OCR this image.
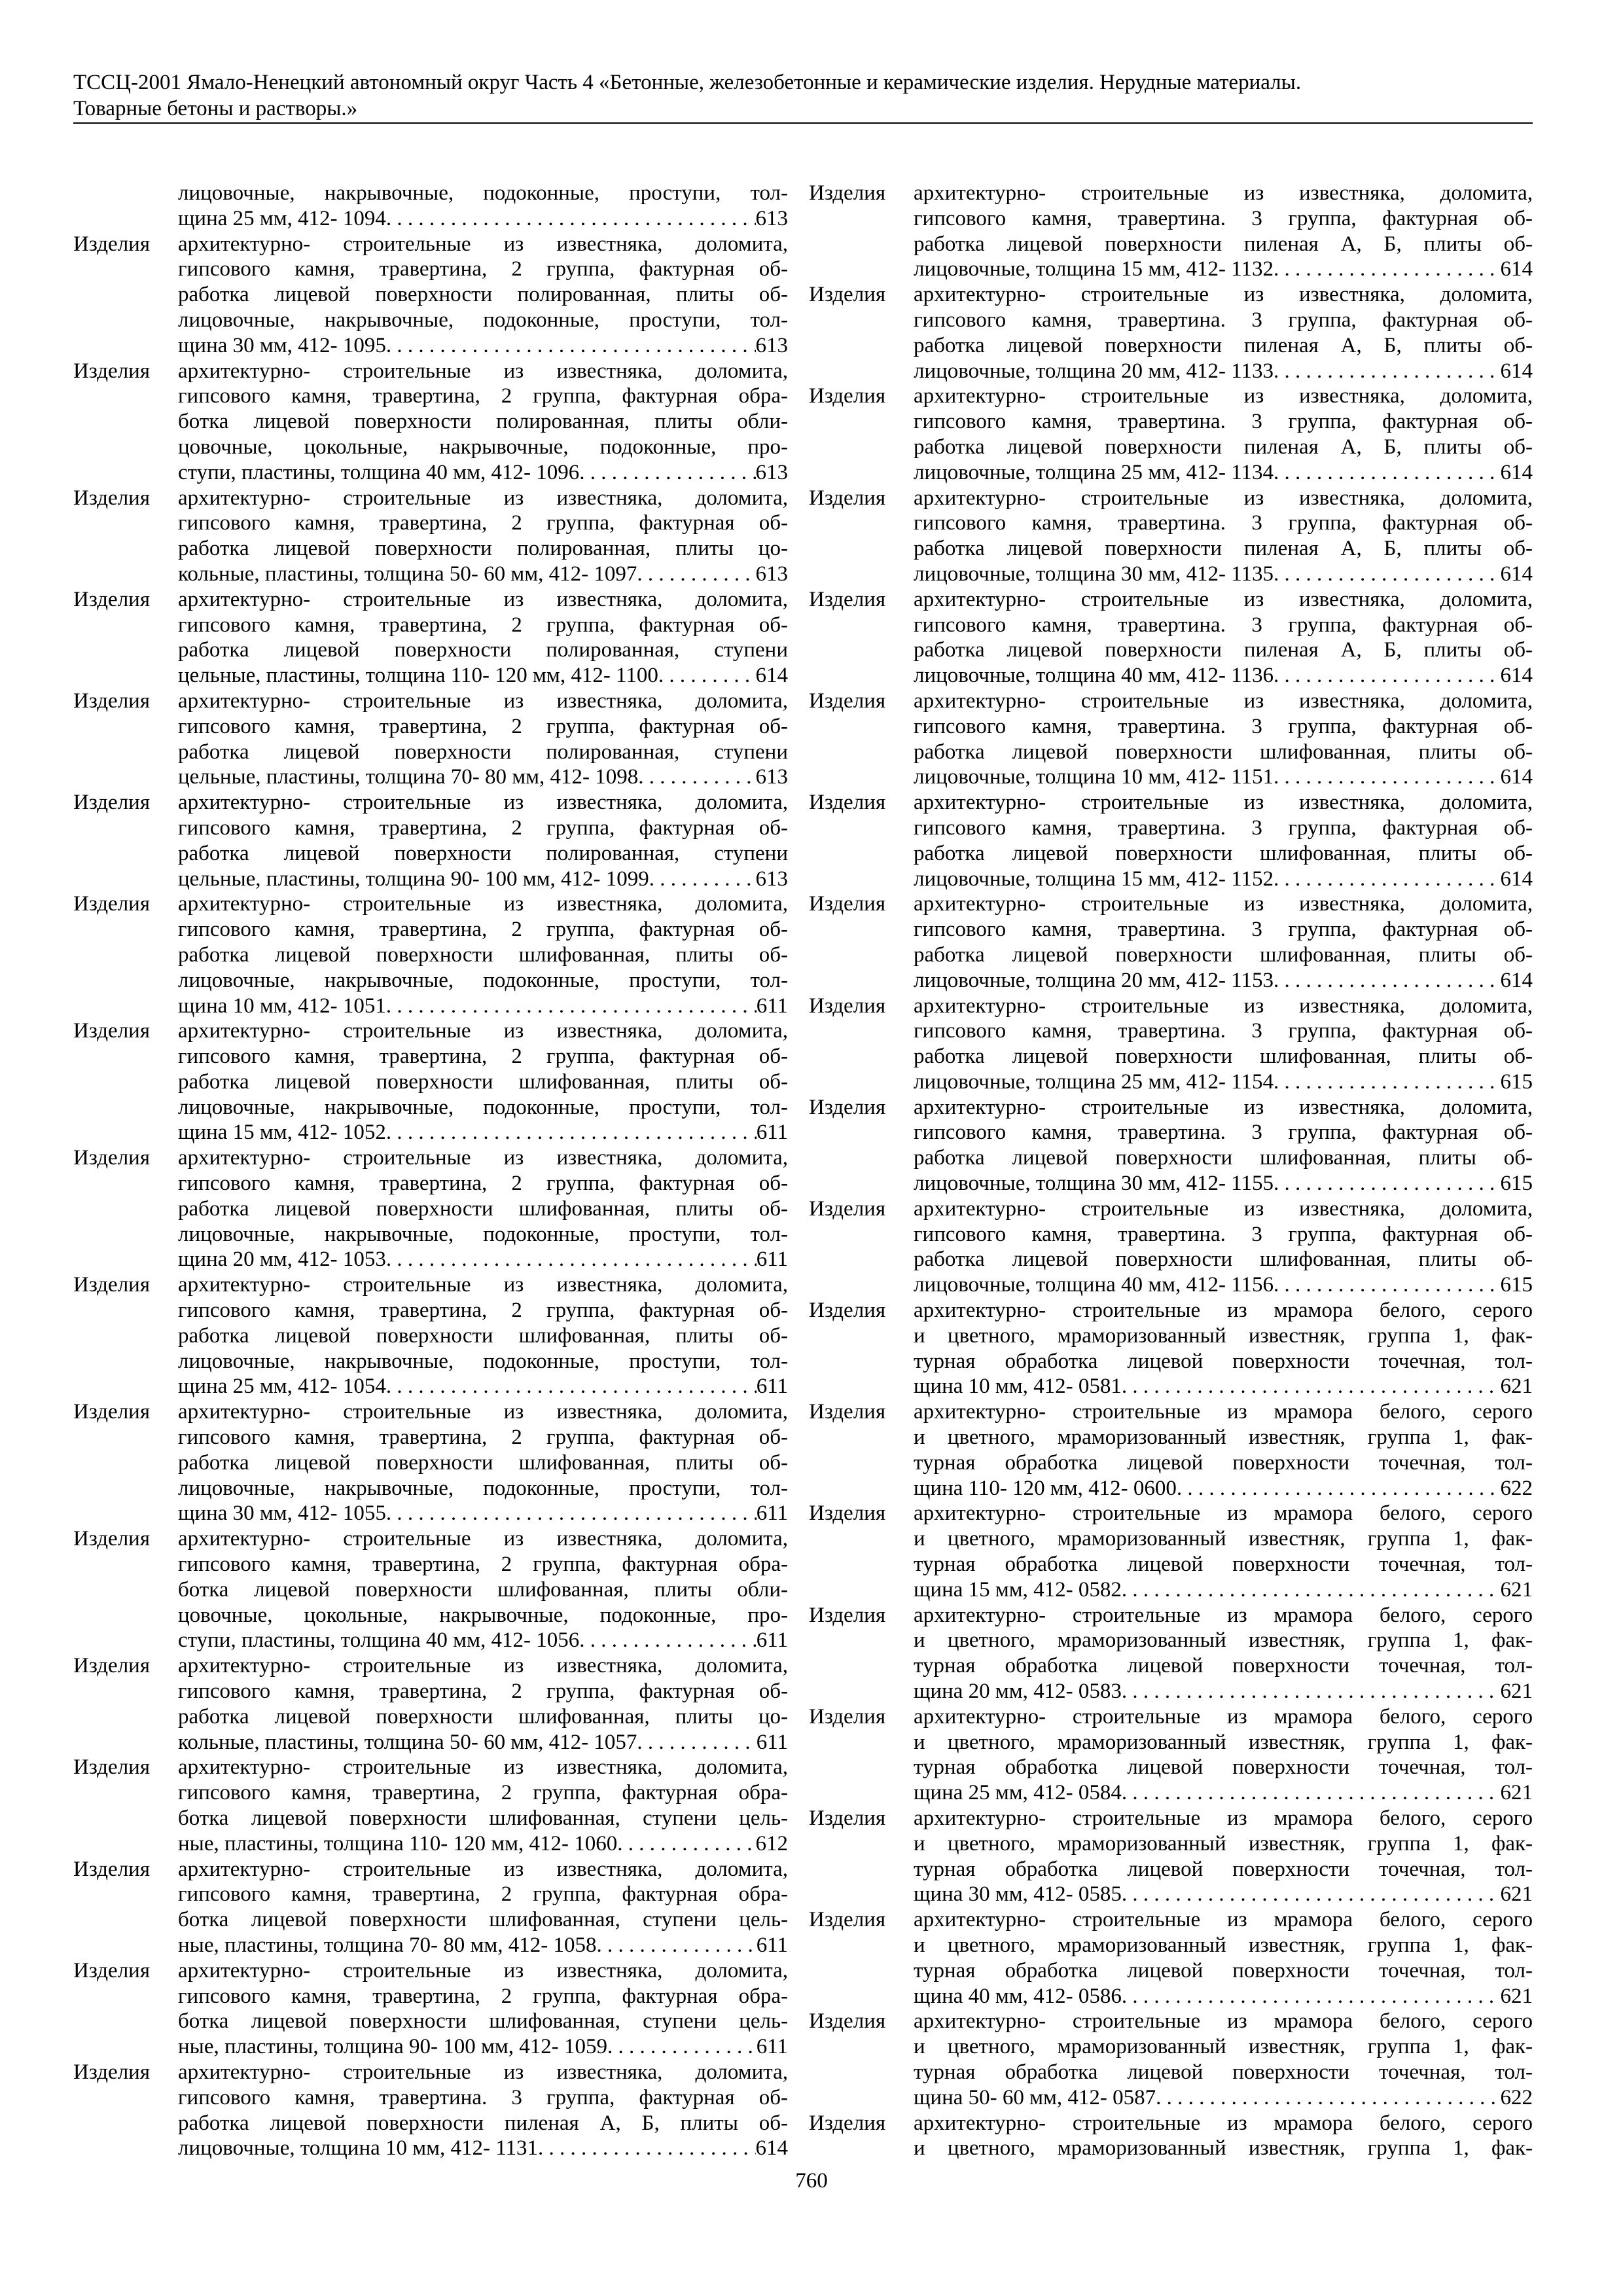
ТССЦ-2001 Ямало-Ненецкий автономный округ Часть 4 «Бетонные, железобетонные и керамические изделия. Нерудные материалы.
Товарные бетоны и растворы.»
лицовочные, накрывочные, подоконные, проступи, тол-
щина 25 мм, 412- 1094 . . .	613
Изделия	архитектурно- строительные из известняка, доломита,
гипсового камня, травертина, 2 группа, фактурная об-
работка лицевой поверхности полированная, плиты об-
лицовочные, накрывочные, подоконные, проступи, тол-
щина 30 мм, 412- 1095 . . .	613
Изделия	архитектурно- строительные из известняка, доломита,
гипсового камня, травертина, 2 группа, фактурная обра-
ботка лицевой поверхности полированная, плиты обли-
цовочные, цокольные, накрывочные, подоконные, про-
ступи, пластины, толщина 40 мм, 412- 1096 . . .	613
Изделия	архитектурно- строительные из известняка, доломита,
гипсового камня, травертина, 2 группа, фактурная об-
работка лицевой поверхности полированная, плиты цо-
кольные, пластины, толщина 50- 60 мм, 412- 1097 . . .	613
Изделия	архитектурно- строительные из известняка, доломита,
гипсового камня, травертина, 2 группа, фактурная об-
работка лицевой поверхности полированная, ступени
цельные, пластины, толщина 110- 120 мм, 412- 1100 . . .	614
Изделия	архитектурно- строительные из известняка, доломита,
гипсового камня, травертина, 2 группа, фактурная об-
работка лицевой поверхности полированная, ступени
цельные, пластины, толщина 70- 80 мм, 412- 1098 . . .	613
Изделия	архитектурно- строительные из известняка, доломита,
гипсового камня, травертина, 2 группа, фактурная об-
работка лицевой поверхности полированная, ступени
цельные, пластины, толщина 90- 100 мм, 412- 1099 . . .	613
Изделия	архитектурно- строительные из известняка, доломита,
гипсового камня, травертина, 2 группа, фактурная об-
работка лицевой поверхности шлифованная, плиты об-
лицовочные, накрывочные, подоконные, проступи, тол-
щина 10 мм, 412- 1051 . . .	611
Изделия	архитектурно- строительные из известняка, доломита,
гипсового камня, травертина, 2 группа, фактурная об-
работка лицевой поверхности шлифованная, плиты об-
лицовочные, накрывочные, подоконные, проступи, тол-
щина 15 мм, 412- 1052 . . .	611
Изделия	архитектурно- строительные из известняка, доломита,
гипсового камня, травертина, 2 группа, фактурная об-
работка лицевой поверхности шлифованная, плиты об-
лицовочные, накрывочные, подоконные, проступи, тол-
щина 20 мм, 412- 1053 . . .	611
Изделия	архитектурно- строительные из известняка, доломита,
гипсового камня, травертина, 2 группа, фактурная об-
работка лицевой поверхности шлифованная, плиты об-
лицовочные, накрывочные, подоконные, проступи, тол-
щина 25 мм, 412- 1054 . . .	611
Изделия	архитектурно- строительные из известняка, доломита,
гипсового камня, травертина, 2 группа, фактурная об-
работка лицевой поверхности шлифованная, плиты об-
лицовочные, накрывочные, подоконные, проступи, тол-
щина 30 мм, 412- 1055 . . .	611
Изделия	архитектурно- строительные из известняка, доломита,
гипсового камня, травертина, 2 группа, фактурная обра-
ботка лицевой поверхности шлифованная, плиты обли-
цовочные, цокольные, накрывочные, подоконные, про-
ступи, пластины, толщина 40 мм, 412- 1056 . . .	611
Изделия	архитектурно- строительные из известняка, доломита,
гипсового камня, травертина, 2 группа, фактурная об-
работка лицевой поверхности шлифованная, плиты цо-
кольные, пластины, толщина 50- 60 мм, 412- 1057 . . .	611
Изделия	архитектурно- строительные из известняка, доломита,
гипсового камня, травертина, 2 группа, фактурная обра-
ботка лицевой поверхности шлифованная, ступени цель-
ные, пластины, толщина 110- 120 мм, 412- 1060 . . .	612
Изделия	архитектурно- строительные из известняка, доломита,
гипсового камня, травертина, 2 группа, фактурная обра-
ботка лицевой поверхности шлифованная, ступени цель-
ные, пластины, толщина 70- 80 мм, 412- 1058 . . .	611
Изделия	архитектурно- строительные из известняка, доломита,
гипсового камня, травертина, 2 группа, фактурная обра-
ботка лицевой поверхности шлифованная, ступени цель-
ные, пластины, толщина 90- 100 мм, 412- 1059 . . .	611
Изделия	архитектурно- строительные из известняка, доломита,
гипсового камня, травертина. 3 группа, фактурная об-
работка лицевой поверхности пиленая А, Б, плиты об-
лицовочные, толщина 10 мм, 412- 1131 . . .	614
Изделия	архитектурно- строительные из известняка, доломита,
гипсового камня, травертина. 3 группа, фактурная об-
работка лицевой поверхности пиленая А, Б, плиты об-
лицовочные, толщина 15 мм, 412- 1132 . . .	614
Изделия	архитектурно- строительные из известняка, доломита,
гипсового камня, травертина. 3 группа, фактурная об-
работка лицевой поверхности пиленая А, Б, плиты об-
лицовочные, толщина 20 мм, 412- 1133 . . .	614
Изделия	архитектурно- строительные из известняка, доломита,
гипсового камня, травертина. 3 группа, фактурная об-
работка лицевой поверхности пиленая А, Б, плиты об-
лицовочные, толщина 25 мм, 412- 1134 . . .	614
Изделия	архитектурно- строительные из известняка, доломита,
гипсового камня, травертина. 3 группа, фактурная об-
работка лицевой поверхности пиленая А, Б, плиты об-
лицовочные, толщина 30 мм, 412- 1135 . . .	614
Изделия	архитектурно- строительные из известняка, доломита,
гипсового камня, травертина. 3 группа, фактурная об-
работка лицевой поверхности пиленая А, Б, плиты об-
лицовочные, толщина 40 мм, 412- 1136 . . .	614
Изделия	архитектурно- строительные из известняка, доломита,
гипсового камня, травертина. 3 группа, фактурная об-
работка лицевой поверхности шлифованная, плиты об-
лицовочные, толщина 10 мм, 412- 1151 . . .	614
Изделия	архитектурно- строительные из известняка, доломита,
гипсового камня, травертина. 3 группа, фактурная об-
работка лицевой поверхности шлифованная, плиты об-
лицовочные, толщина 15 мм, 412- 1152 . . .	614
Изделия	архитектурно- строительные из известняка, доломита,
гипсового камня, травертина. 3 группа, фактурная об-
работка лицевой поверхности шлифованная, плиты об-
лицовочные, толщина 20 мм, 412- 1153 . . .	614
Изделия	архитектурно- строительные из известняка, доломита,
гипсового камня, травертина. 3 группа, фактурная об-
работка лицевой поверхности шлифованная, плиты об-
лицовочные, толщина 25 мм, 412- 1154 . . .	615
Изделия	архитектурно- строительные из известняка, доломита,
гипсового камня, травертина. 3 группа, фактурная об-
работка лицевой поверхности шлифованная, плиты об-
лицовочные, толщина 30 мм, 412- 1155 . . .	615
Изделия	архитектурно- строительные из известняка, доломита,
гипсового камня, травертина. 3 группа, фактурная об-
работка лицевой поверхности шлифованная, плиты об-
лицовочные, толщина 40 мм, 412- 1156 . . .	615
Изделия	архитектурно- строительные из мрамора белого, серого
и цветного, мраморизованный известняк, группа 1, фак-
турная обработка лицевой поверхности точечная, тол-
щина 10 мм, 412- 0581 . . .	621
Изделия	архитектурно- строительные из мрамора белого, серого
и цветного, мраморизованный известняк, группа 1, фак-
турная обработка лицевой поверхности точечная, тол-
щина 110- 120 мм, 412- 0600 . . .	622
Изделия	архитектурно- строительные из мрамора белого, серого
и цветного, мраморизованный известняк, группа 1, фак-
турная обработка лицевой поверхности точечная, тол-
щина 15 мм, 412- 0582 . . .	621
Изделия	архитектурно- строительные из мрамора белого, серого
и цветного, мраморизованный известняк, группа 1, фак-
турная обработка лицевой поверхности точечная, тол-
щина 20 мм, 412- 0583 . . .	621
Изделия	архитектурно- строительные из мрамора белого, серого
и цветного, мраморизованный известняк, группа 1, фак-
турная обработка лицевой поверхности точечная, тол-
щина 25 мм, 412- 0584 . . .	621
Изделия	архитектурно- строительные из мрамора белого, серого
и цветного, мраморизованный известняк, группа 1, фак-
турная обработка лицевой поверхности точечная, тол-
щина 30 мм, 412- 0585 . . .	621
Изделия	архитектурно- строительные из мрамора белого, серого
и цветного, мраморизованный известняк, группа 1, фак-
турная обработка лицевой поверхности точечная, тол-
щина 40 мм, 412- 0586 . . .	621
Изделия	архитектурно- строительные из мрамора белого, серого
и цветного, мраморизованный известняк, группа 1, фак-
турная обработка лицевой поверхности точечная, тол-
щина 50- 60 мм, 412- 0587 . . .	622
Изделия	архитектурно- строительные из мрамора белого, серого
и цветного, мраморизованный известняк, группа 1, фак-
760
